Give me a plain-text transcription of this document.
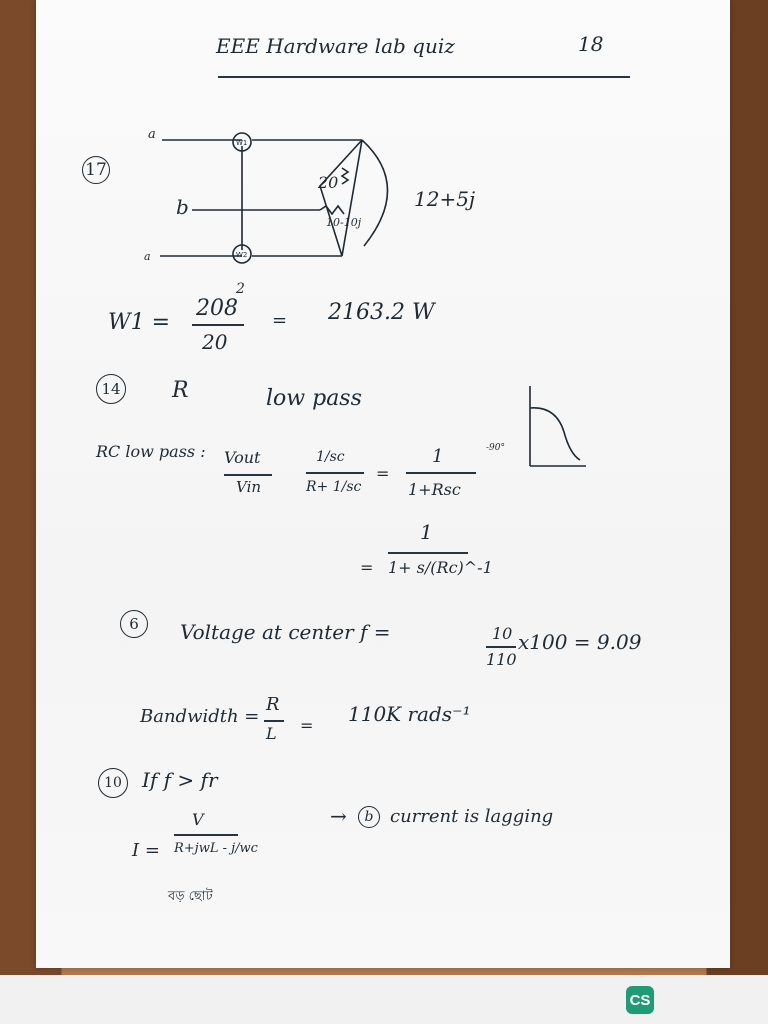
EEE Hardware lab quiz	18
17
a
b
a
W1
W2
20
10-10j
12+5j
W1 =
208
2
20
= 2163.2 W
14 R	low pass
RC low pass : Vout
Vin
1/sc
R+ 1/sc
=
1
1+Rsc
=
1
1+ s/(Rc)^-1
-90°
6	Voltage at center f =	10
110
x100 = 9.09
Bandwidth =
R
L = 110K rads⁻¹
10	If f > fr
→	b current is lagging
I =
V
R+jwL - j/wc
বড় ছোট
CS
